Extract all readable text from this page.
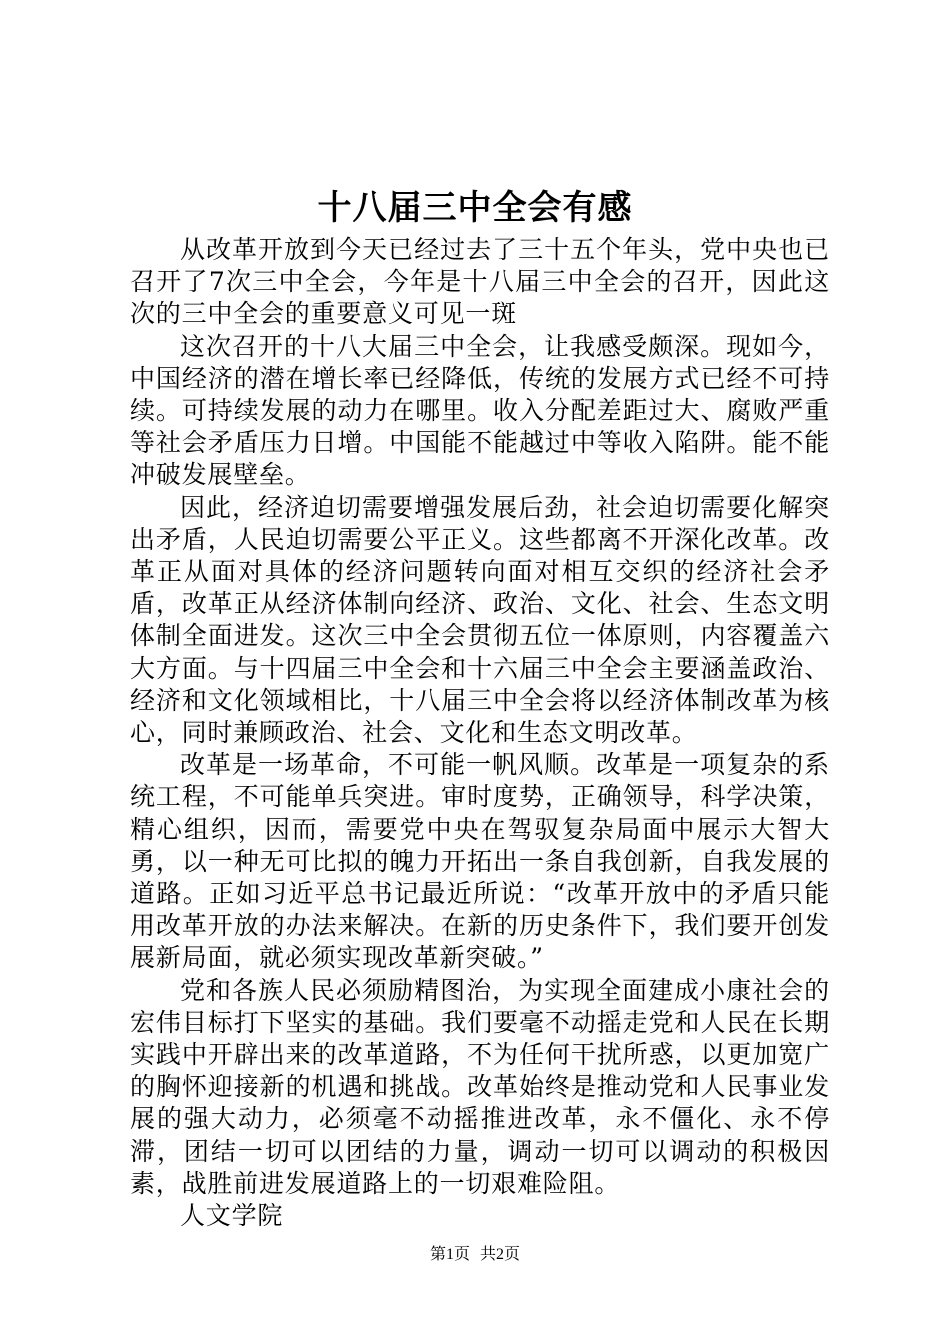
十八届三中全会有感

从改革开放到今天已经过去了三十五个年头，党中央也已召开了7次三中全会，今年是十八届三中全会的召开，因此这次的三中全会的重要意义可见一斑

这次召开的十八大届三中全会，让我感受颇深。现如今，中国经济的潜在增长率已经降低，传统的发展方式已经不可持续。可持续发展的动力在哪里。收入分配差距过大、腐败严重等社会矛盾压力日增。中国能不能越过中等收入陷阱。能不能冲破发展壁垒。

因此，经济迫切需要增强发展后劲，社会迫切需要化解突出矛盾，人民迫切需要公平正义。这些都离不开深化改革。改革正从面对具体的经济问题转向面对相互交织的经济社会矛盾，改革正从经济体制向经济、政治、文化、社会、生态文明体制全面进发。这次三中全会贯彻五位一体原则，内容覆盖六大方面。与十四届三中全会和十六届三中全会主要涵盖政治、经济和文化领域相比，十八届三中全会将以经济体制改革为核心，同时兼顾政治、社会、文化和生态文明改革。

改革是一场革命，不可能一帆风顺。改革是一项复杂的系统工程，不可能单兵突进。审时度势，正确领导，科学决策，精心组织，因而，需要党中央在驾驭复杂局面中展示大智大勇，以一种无可比拟的魄力开拓出一条自我创新，自我发展的道路。正如习近平总书记最近所说：“改革开放中的矛盾只能用改革开放的办法来解决。在新的历史条件下，我们要开创发展新局面，就必须实现改革新突破。”

党和各族人民必须励精图治，为实现全面建成小康社会的宏伟目标打下坚实的基础。我们要毫不动摇走党和人民在长期实践中开辟出来的改革道路，不为任何干扰所惑，以更加宽广的胸怀迎接新的机遇和挑战。改革始终是推动党和人民事业发展的强大动力，必须毫不动摇推进改革，永不僵化、永不停滞，团结一切可以团结的力量，调动一切可以调动的积极因素，战胜前进发展道路上的一切艰难险阻。

人文学院

第1页 共2页
